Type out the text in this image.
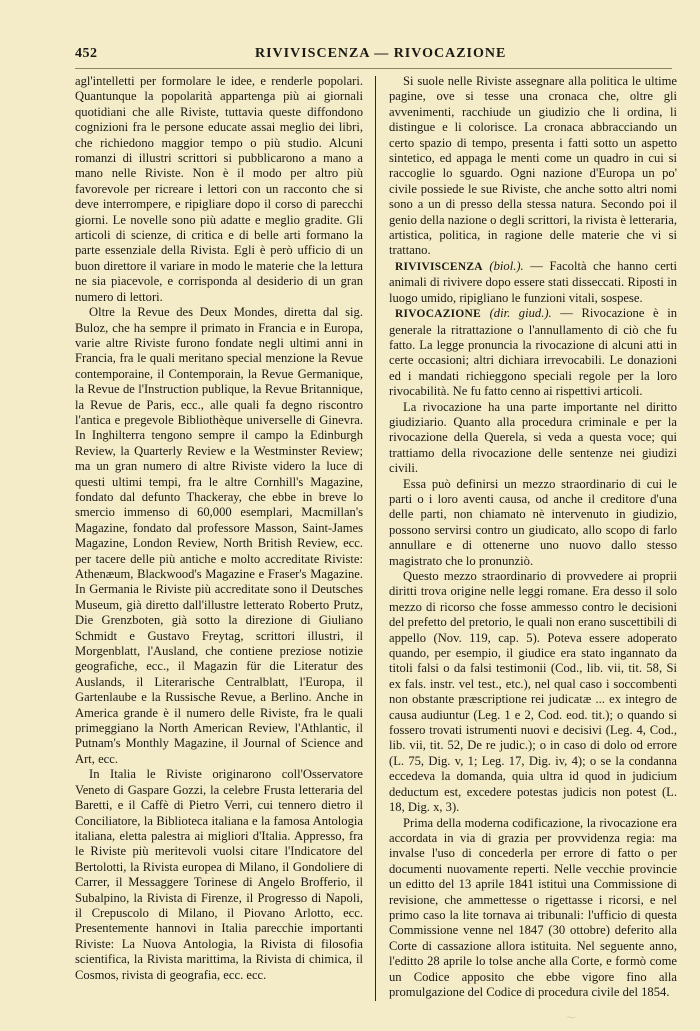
452	RIVIVISCENZA — RIVOCAZIONE

agl'intelletti per formolare le idee, e renderle popolari. Quantunque la popolarità appartenga più ai giornali quotidiani che alle Riviste, tuttavia queste diffondono cognizioni fra le persone educate assai meglio dei libri, che richiedono maggior tempo o più studio. Alcuni romanzi di illustri scrittori si pubblicarono a mano a mano nelle Riviste. Non è il modo per altro più favorevole per ricreare i lettori con un racconto che si deve interrompere, e ripigliare dopo il corso di parecchi giorni. Le novelle sono più adatte e meglio gradite. Gli articoli di scienze, di critica e di belle arti formano la parte essenziale della Rivista. Egli è però ufficio di un buon direttore il variare in modo le materie che la lettura ne sia piacevole, e corrisponda al desiderio di un gran numero di lettori.

Oltre la Revue des Deux Mondes, diretta dal sig. Buloz, che ha sempre il primato in Francia e in Europa, varie altre Riviste furono fondate negli ultimi anni in Francia, fra le quali meritano special menzione la Revue contemporaine, il Contemporain, la Revue Germanique, la Revue de l'Instruction publique, la Revue Britannique, la Revue de Paris, ecc., alle quali fa degno riscontro l'antica e pregevole Bibliothèque universelle di Ginevra. In Inghilterra tengono sempre il campo la Edinburgh Review, la Quarterly Review e la Westminster Review; ma un gran numero di altre Riviste videro la luce di questi ultimi tempi, fra le altre Cornhill's Magazine, fondato dal defunto Thackeray, che ebbe in breve lo smercio immenso di 60,000 esemplari, Macmillan's Magazine, fondato dal professore Masson, Saint-James Magazine, London Review, North British Review, ecc. per tacere delle più antiche e molto accreditate Riviste: Athenæum, Blackwood's Magazine e Fraser's Magazine. In Germania le Riviste più accreditate sono il Deutsches Museum, già diretto dall'illustre letterato Roberto Prutz, Die Grenzboten, già sotto la direzione di Giuliano Schmidt e Gustavo Freytag, scrittori illustri, il Morgenblatt, l'Ausland, che contiene preziose notizie geografiche, ecc., il Magazin für die Literatur des Auslands, il Literarische Centralblatt, l'Europa, il Gartenlaube e la Russische Revue, a Berlino. Anche in America grande è il numero delle Riviste, fra le quali primeggiano la North American Review, l'Athlantic, il Putnam's Monthly Magazine, il Journal of Science and Art, ecc.

In Italia le Riviste originarono coll'Osservatore Veneto di Gaspare Gozzi, la celebre Frusta letteraria del Baretti, e il Caffè di Pietro Verri, cui tennero dietro il Conciliatore, la Biblioteca italiana e la famosa Antologia italiana, eletta palestra ai migliori d'Italia. Appresso, fra le Riviste più meritevoli vuolsi citare l'Indicatore del Bertolotti, la Rivista europea di Milano, il Gondoliere di Carrer, il Messaggere Torinese di Angelo Brofferio, il Subalpino, la Rivista di Firenze, il Progresso di Napoli, il Crepuscolo di Milano, il Piovano Arlotto, ecc. Presentemente hannovi in Italia parecchie importanti Riviste: La Nuova Antologia, la Rivista di filosofia scientifica, la Rivista marittima, la Rivista di chimica, il Cosmos, rivista di geografia, ecc. ecc.

Si suole nelle Riviste assegnare alla politica le ultime pagine, ove si tesse una cronaca che, oltre gli avvenimenti, racchiude un giudizio che li ordina, li distingue e li colorisce. La cronaca abbracciando un certo spazio di tempo, presenta i fatti sotto un aspetto sintetico, ed appaga le menti come un quadro in cui si raccoglie lo sguardo. Ogni nazione d'Europa un po' civile possiede le sue Riviste, che anche sotto altri nomi sono a un di presso della stessa natura. Secondo poi il genio della nazione o degli scrittori, la rivista è letteraria, artistica, politica, in ragione delle materie che vi si trattano.

RIVIVISCENZA (biol.). — Facoltà che hanno certi animali di rivivere dopo essere stati disseccati. Riposti in luogo umido, ripigliano le funzioni vitali, sospese.

RIVOCAZIONE (dir. giud.). — Rivocazione è in generale la ritrattazione o l'annullamento di ciò che fu fatto. La legge pronuncia la rivocazione di alcuni atti in certe occasioni; altri dichiara irrevocabili. Le donazioni ed i mandati richieggono speciali regole per la loro rivocabilità. Ne fu fatto cenno ai rispettivi articoli.

La rivocazione ha una parte importante nel diritto giudiziario. Quanto alla procedura criminale e per la rivocazione della Querela, si veda a questa voce; qui trattiamo della rivocazione delle sentenze nei giudizi civili.

Essa può definirsi un mezzo straordinario di cui le parti o i loro aventi causa, od anche il creditore d'una delle parti, non chiamato nè intervenuto in giudizio, possono servirsi contro un giudicato, allo scopo di farlo annullare e di ottenerne uno nuovo dallo stesso magistrato che lo pronunziò.

Questo mezzo straordinario di provvedere ai proprii diritti trova origine nelle leggi romane. Era desso il solo mezzo di ricorso che fosse ammesso contro le decisioni del prefetto del pretorio, le quali non erano suscettibili di appello (Nov. 119, cap. 5). Poteva essere adoperato quando, per esempio, il giudice era stato ingannato da titoli falsi o da falsi testimonii (Cod., lib. vii, tit. 58, Si ex fals. instr. vel test., etc.), nel qual caso i soccombenti non obstante præscriptione rei judicatæ ... ex integro de causa audiuntur (Leg. 1 e 2, Cod. eod. tit.); o quando si fossero trovati istrumenti nuovi e decisivi (Leg. 4, Cod., lib. vii, tit. 52, De re judic.); o in caso di dolo od errore (L. 75, Dig. v, 1; Leg. 17, Dig. iv, 4); o se la condanna eccedeva la domanda, quia ultra id quod in judicium deductum est, excedere potestas judicis non potest (L. 18, Dig. x, 3).

Prima della moderna codificazione, la rivocazione era accordata in via di grazia per provvidenza regia: ma invalse l'uso di concederla per errore di fatto o per documenti nuovamente reperti. Nelle vecchie provincie un editto del 13 aprile 1841 istituì una Commissione di revisione, che ammettesse o rigettasse i ricorsi, e nel primo caso la lite tornava ai tribunali: l'ufficio di questa Commissione venne nel 1847 (30 ottobre) deferito alla Corte di cassazione allora istituita. Nel seguente anno, l'editto 28 aprile lo tolse anche alla Corte, e formò come un Codice apposito che ebbe vigore fino alla promulgazione del Codice di procedura civile del 1854.

~
